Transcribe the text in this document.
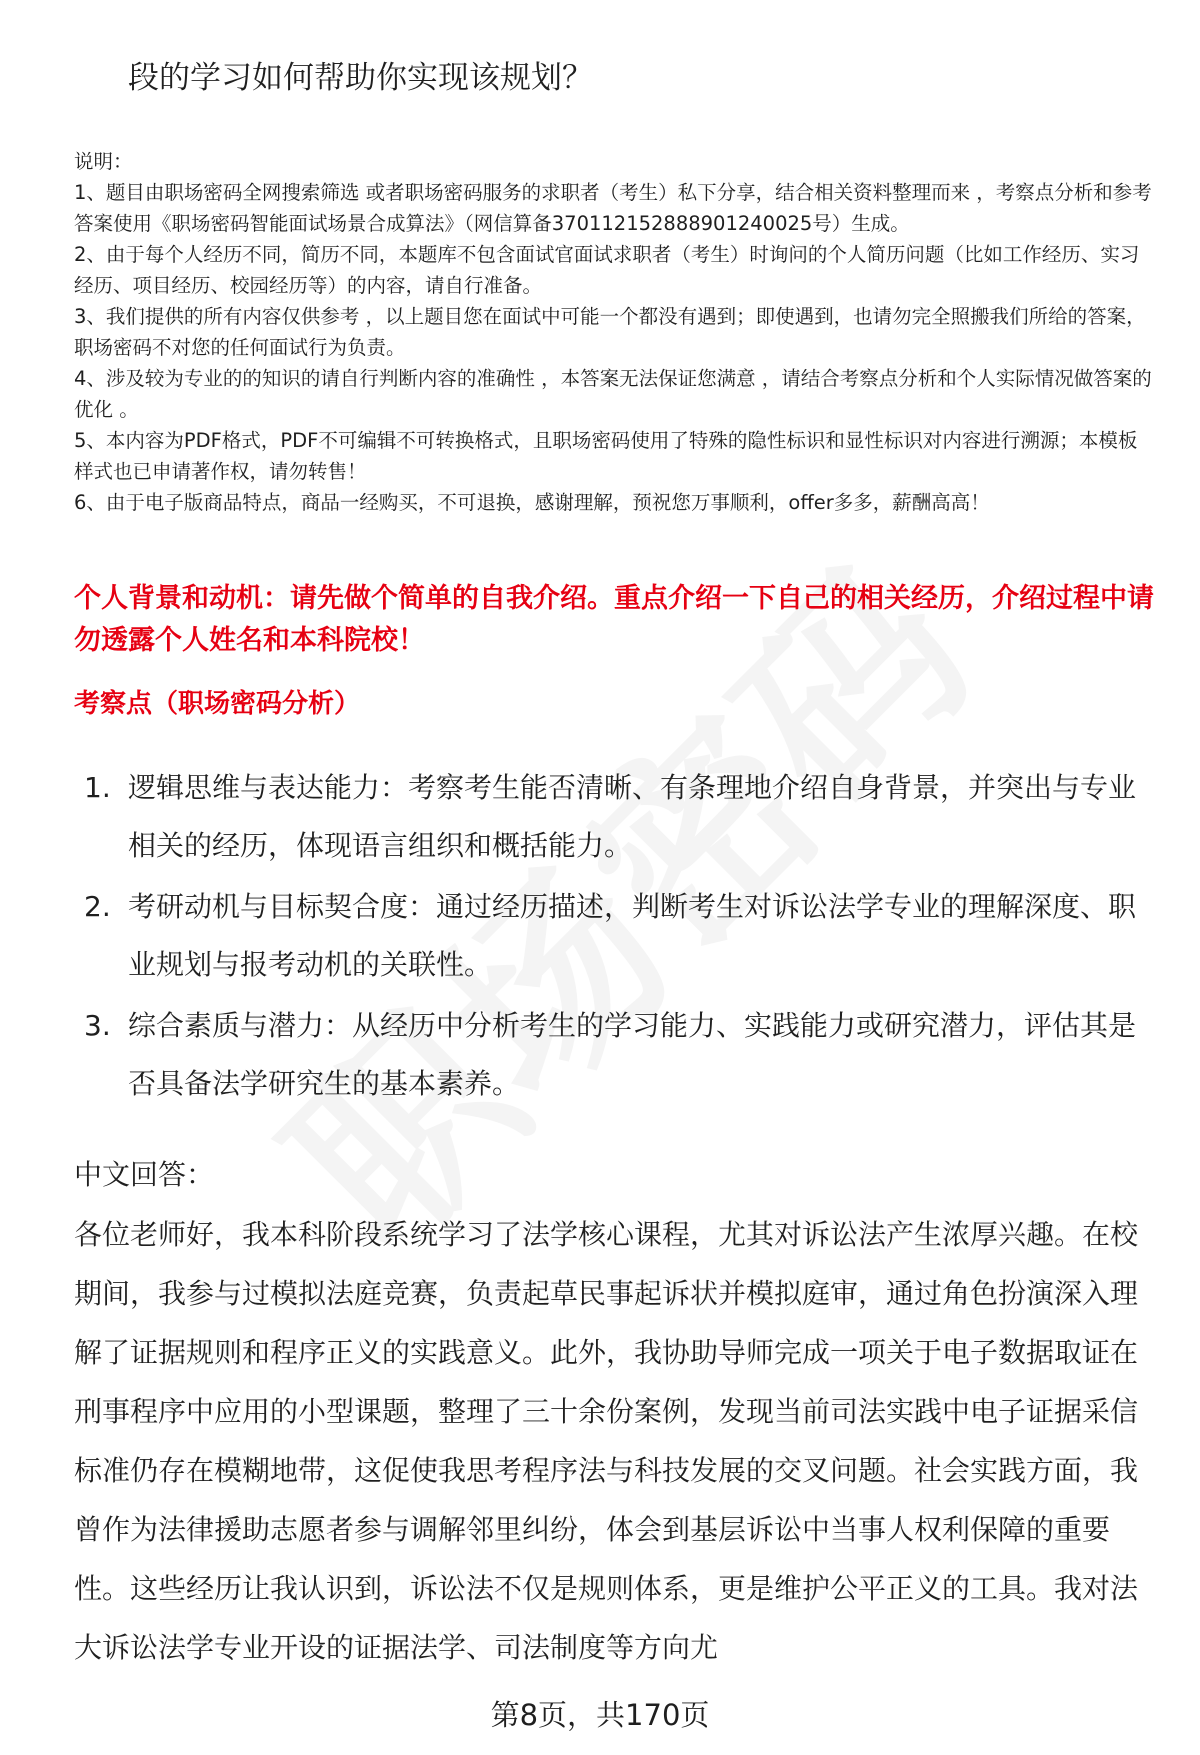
段的学习如何帮助你实现该规划？

说明：

1、题目由职场密码全网搜索筛选 或者职场密码服务的求职者（考生）私下分享，结合相关资料整理而来 ，考察点分析和参考答案使用《职场密码智能面试场景合成算法》（网信算备370112152888901240025号）生成。

2、由于每个人经历不同，简历不同，本题库不包含面试官面试求职者（考生）时询问的个人简历问题（比如工作经历、实习经历、项目经历、校园经历等）的内容，请自行准备。

3、我们提供的所有内容仅供参考 ，以上题目您在面试中可能一个都没有遇到；即使遇到，也请勿完全照搬我们所给的答案，职场密码不对您的任何面试行为负责。

4、涉及较为专业的的知识的请自行判断内容的准确性 ，本答案无法保证您满意 ，请结合考察点分析和个人实际情况做答案的优化 。

5、本内容为PDF格式，PDF不可编辑不可转换格式，且职场密码使用了特殊的隐性标识和显性标识对内容进行溯源；本模板样式也已申请著作权，请勿转售！

6、由于电子版商品特点，商品一经购买，不可退换，感谢理解，预祝您万事顺利，offer多多，薪酬高高！

个人背景和动机：请先做个简单的自我介绍。重点介绍一下自己的相关经历，介绍过程中请勿透露个人姓名和本科院校！
考察点（职场密码分析）
1. 逻辑思维与表达能力：考察考生能否清晰、有条理地介绍自身背景，并突出与专业相关的经历，体现语言组织和概括能力。
2. 考研动机与目标契合度：通过经历描述，判断考生对诉讼法学专业的理解深度、职业规划与报考动机的关联性。
3. 综合素质与潜力：从经历中分析考生的学习能力、实践能力或研究潜力，评估其是否具备法学研究生的基本素养。
中文回答：

各位老师好，我本科阶段系统学习了法学核心课程，尤其对诉讼法产生浓厚兴趣。在校期间，我参与过模拟法庭竞赛，负责起草民事起诉状并模拟庭审，通过角色扮演深入理解了证据规则和程序正义的实践意义。此外，我协助导师完成一项关于电子数据取证在刑事程序中应用的小型课题，整理了三十余份案例，发现当前司法实践中电子证据采信标准仍存在模糊地带，这促使我思考程序法与科技发展的交叉问题。社会实践方面，我曾作为法律援助志愿者参与调解邻里纠纷，体会到基层诉讼中当事人权利保障的重要性。这些经历让我认识到，诉讼法不仅是规则体系，更是维护公平正义的工具。我对法大诉讼法学专业开设的证据法学、司法制度等方向尤

第8页，共170页
